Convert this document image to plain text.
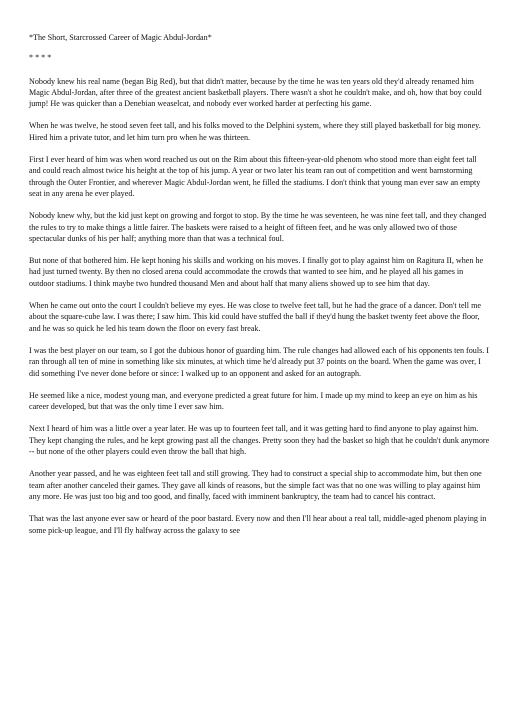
*The Short, Starcrossed Career of Magic Abdul-Jordan*

* * * *

Nobody knew his real name (began Big Red), but that didn't matter, because by the time he was ten years old they'd already renamed him Magic Abdul-Jordan, after three of the greatest ancient basketball players. There wasn't a shot he couldn't make, and oh, how that boy could jump! He was quicker than a Denebian weaselcat, and nobody ever worked harder at perfecting his game.

When he was twelve, he stood seven feet tall, and his folks moved to the Delphini system, where they still played basketball for big money. Hired him a private tutor, and let him turn pro when he was thirteen.

First I ever heard of him was when word reached us out on the Rim about this fifteen-year-old phenom who stood more than eight feet tall and could reach almost twice his height at the top of his jump. A year or two later his team ran out of competition and went barnstorming through the Outer Frontier, and wherever Magic Abdul-Jordan went, he filled the stadiums. I don't think that young man ever saw an empty seat in any arena he ever played.

Nobody knew why, but the kid just kept on growing and forgot to stop. By the time he was seventeen, he was nine feet tall, and they changed the rules to try to make things a little fairer. The baskets were raised to a height of fifteen feet, and he was only allowed two of those spectacular dunks of his per half; anything more than that was a technical foul.

But none of that bothered him. He kept honing his skills and working on his moves. I finally got to play against him on Ragitura II, when he had just turned twenty. By then no closed arena could accommodate the crowds that wanted to see him, and he played all his games in outdoor stadiums. I think maybe two hundred thousand Men and about half that many aliens showed up to see him that day.

When he came out onto the court I couldn't believe my eyes. He was close to twelve feet tall, but he had the grace of a dancer. Don't tell me about the square-cube law. I was there; I saw him. This kid could have stuffed the ball if they'd hung the basket twenty feet above the floor, and he was so quick he led his team down the floor on every fast break.

I was the best player on our team, so I got the dubious honor of guarding him. The rule changes had allowed each of his opponents ten fouls. I ran through all ten of mine in something like six minutes, at which time he'd already put 37 points on the board. When the game was over, I did something I've never done before or since: I walked up to an opponent and asked for an autograph.

He seemed like a nice, modest young man, and everyone predicted a great future for him. I made up my mind to keep an eye on him as his career developed, but that was the only time I ever saw him.

Next I heard of him was a little over a year later. He was up to fourteen feet tall, and it was getting hard to find anyone to play against him. They kept changing the rules, and he kept growing past all the changes. Pretty soon they had the basket so high that he couldn't dunk anymore -- but none of the other players could even throw the ball that high.

Another year passed, and he was eighteen feet tall and still growing. They had to construct a special ship to accommodate him, but then one team after another canceled their games. They gave all kinds of reasons, but the simple fact was that no one was willing to play against him any more. He was just too big and too good, and finally, faced with imminent bankruptcy, the team had to cancel his contract.

That was the last anyone ever saw or heard of the poor bastard. Every now and then I'll hear about a real tall, middle-aged phenom playing in some pick-up league, and I'll fly halfway across the galaxy to see
